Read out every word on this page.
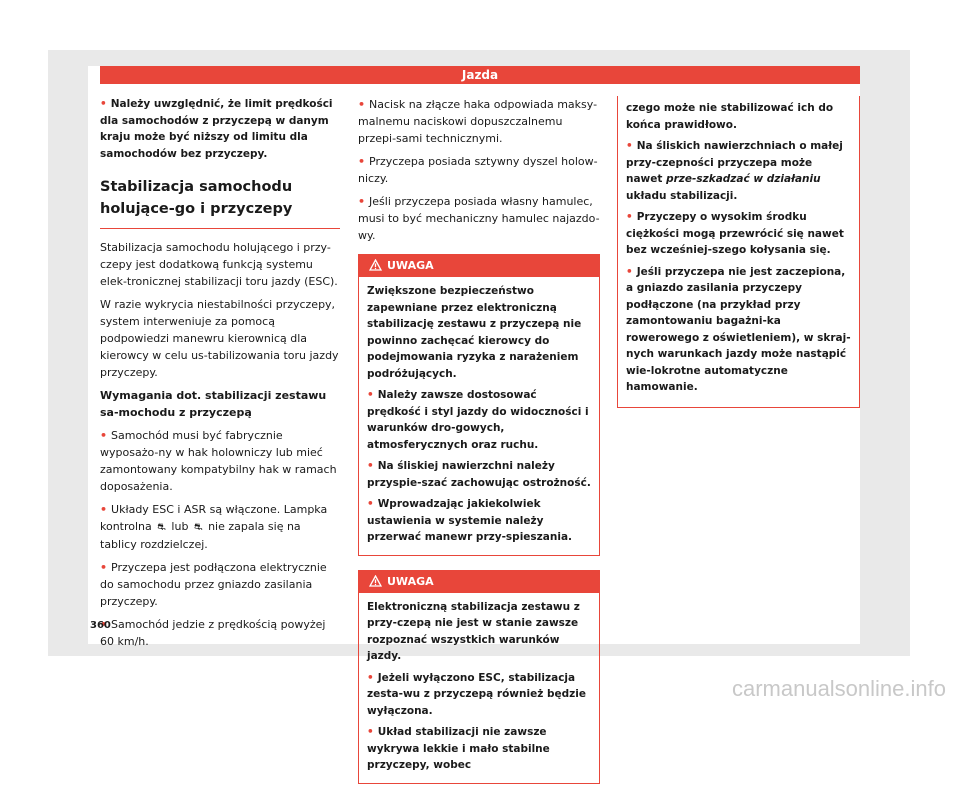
Jazda

• Należy uwzględnić, że limit prędkości dla samochodów z przyczepą w danym kraju może być niższy od limitu dla samochodów bez przyczepy.

Stabilizacja samochodu holujące-go i przyczepy

Stabilizacja samochodu holującego i przy-czepy jest dodatkową funkcją systemu elek-tronicznej stabilizacji toru jazdy (ESC).

W razie wykrycia niestabilności przyczepy, system interweniuje za pomocą podpowiedzi manewru kierownicą dla kierowcy w celu us-tabilizowania toru jazdy przyczepy.

Wymagania dot. stabilizacji zestawu sa-mochodu z przyczepą

• Samochód musi być fabrycznie wyposażo-ny w hak holowniczy lub mieć zamontowany kompatybilny hak w ramach doposażenia.

• Układy ESC i ASR są włączone. Lampka kontrolna ⛐ lub ⛐ nie zapala się na tablicy rozdzielczej.

• Przyczepa jest podłączona elektrycznie do samochodu przez gniazdo zasilania przyczepy.

• Samochód jedzie z prędkością powyżej 60 km/h.

• Nacisk na złącze haka odpowiada maksy-malnemu naciskowi dopuszczalnemu przepi-sami technicznymi.

• Przyczepa posiada sztywny dyszel holow-niczy.

• Jeśli przyczepa posiada własny hamulec, musi to być mechaniczny hamulec najazdo-wy.

UWAGA

Zwiększone bezpieczeństwo zapewniane przez elektroniczną stabilizację zestawu z przyczepą nie powinno zachęcać kierowcy do podejmowania ryzyka z narażeniem podróżujących.

• Należy zawsze dostosować prędkość i styl jazdy do widoczności i warunków dro-gowych, atmosferycznych oraz ruchu.

• Na śliskiej nawierzchni należy przyspie-szać zachowując ostrożność.

• Wprowadzając jakiekolwiek ustawienia w systemie należy przerwać manewr przy-spieszania.

UWAGA

Elektroniczną stabilizacja zestawu z przy-czepą nie jest w stanie zawsze rozpoznać wszystkich warunków jazdy.

• Jeżeli wyłączono ESC, stabilizacja zesta-wu z przyczepą również będzie wyłączona.

• Układ stabilizacji nie zawsze wykrywa lekkie i mało stabilne przyczepy, wobec

czego może nie stabilizować ich do końca prawidłowo.

• Na śliskich nawierzchniach o małej przy-czepności przyczepa może nawet prze-szkadzać w działaniu układu stabilizacji.

• Przyczepy o wysokim środku ciężkości mogą przewrócić się nawet bez wcześniej-szego kołysania się.

• Jeśli przyczepa nie jest zaczepiona, a gniazdo zasilania przyczepy podłączone (na przykład przy zamontowaniu bagażni-ka rowerowego z oświetleniem), w skraj-nych warunkach jazdy może nastąpić wie-lokrotne automatyczne hamowanie.

360
carmanualsonline.info
